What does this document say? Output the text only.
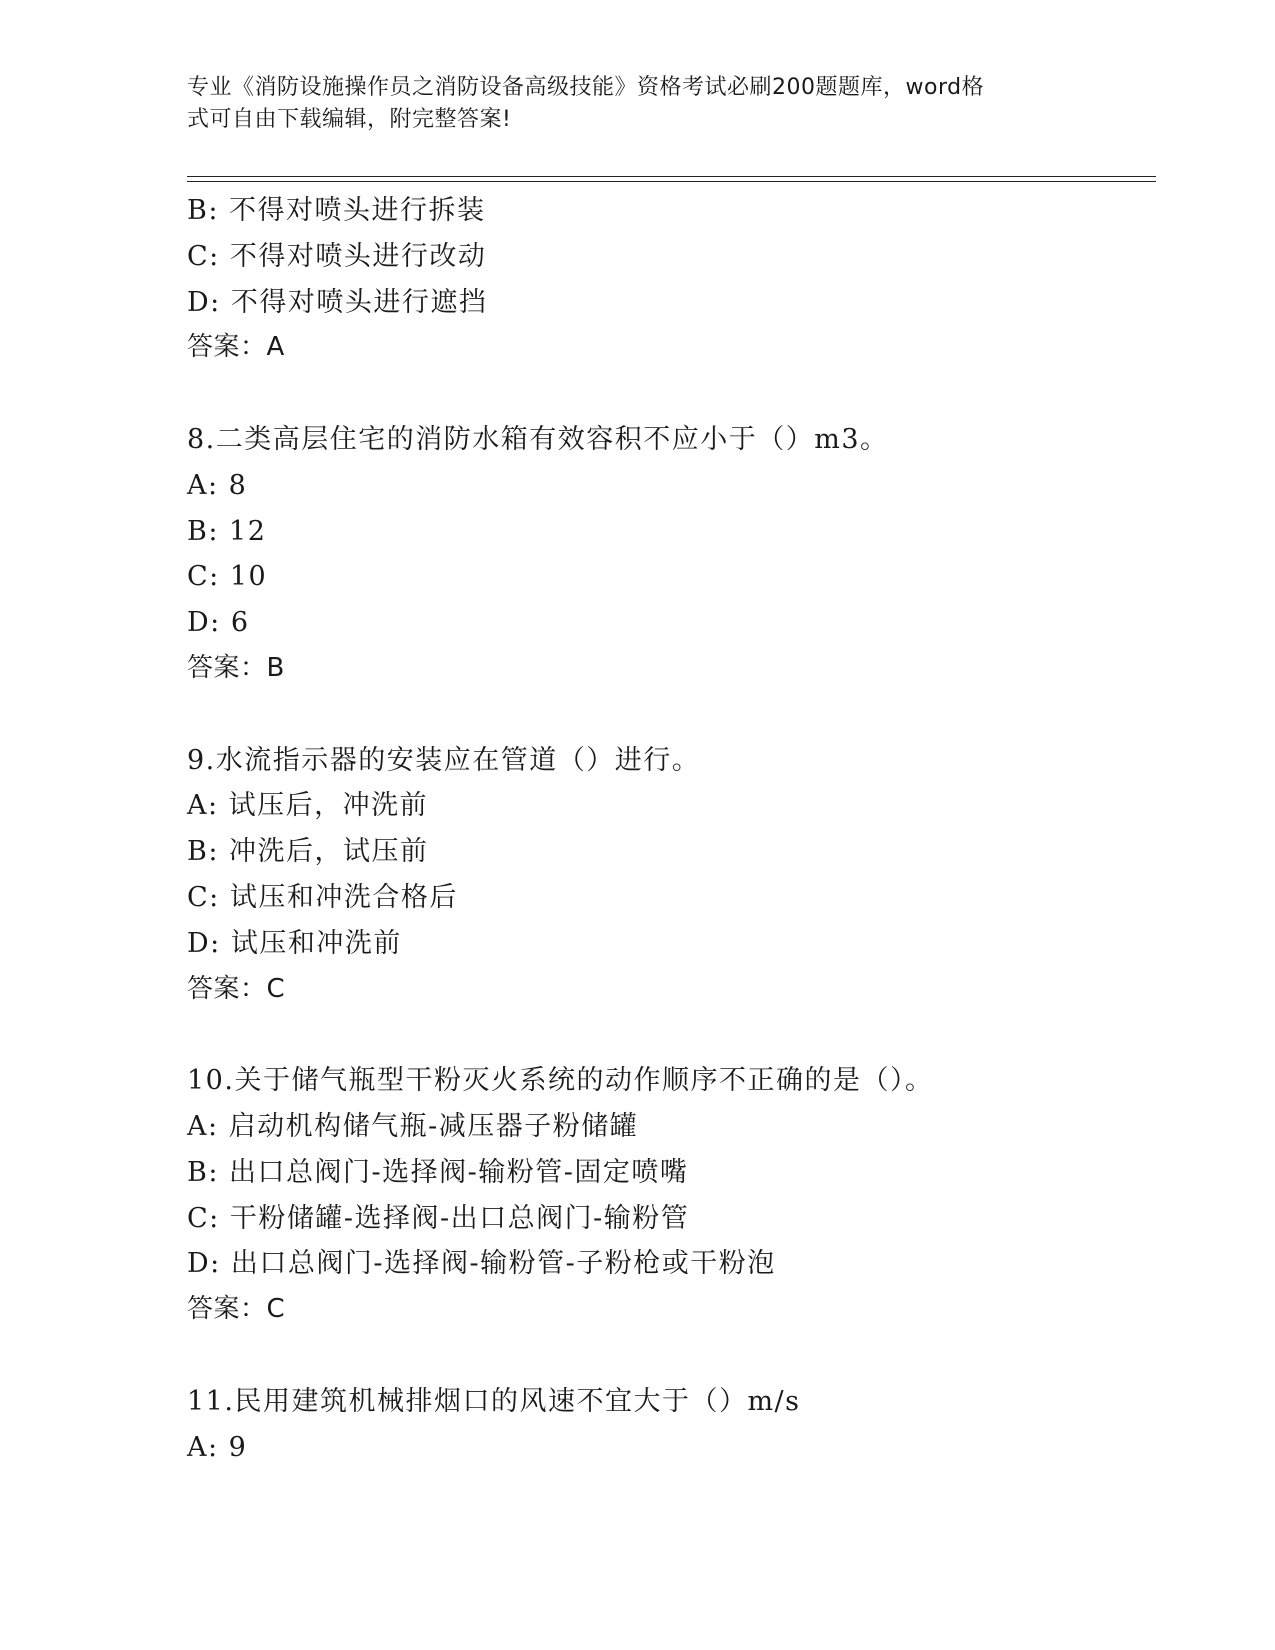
专业《消防设施操作员之消防设备高级技能》资格考试必刷200题题库，word格
式可自由下载编辑，附完整答案!
B: 不得对喷头进行拆装
C: 不得对喷头进行改动
D: 不得对喷头进行遮挡
答案：A
8.二类高层住宅的消防水箱有效容积不应小于（）m3。
A: 8
B: 12
C: 10
D: 6
答案：B
9.水流指示器的安装应在管道（）进行。
A: 试压后，冲洗前
B: 冲洗后，试压前
C: 试压和冲洗合格后
D: 试压和冲洗前
答案：C
10.关于储气瓶型干粉灭火系统的动作顺序不正确的是（）。
A: 启动机构储气瓶-减压器子粉储罐
B: 出口总阀门-选择阀-输粉管-固定喷嘴
C: 干粉储罐-选择阀-出口总阀门-输粉管
D: 出口总阀门-选择阀-输粉管-子粉枪或干粉泡
答案：C
11.民用建筑机械排烟口的风速不宜大于（）m/s
A: 9
